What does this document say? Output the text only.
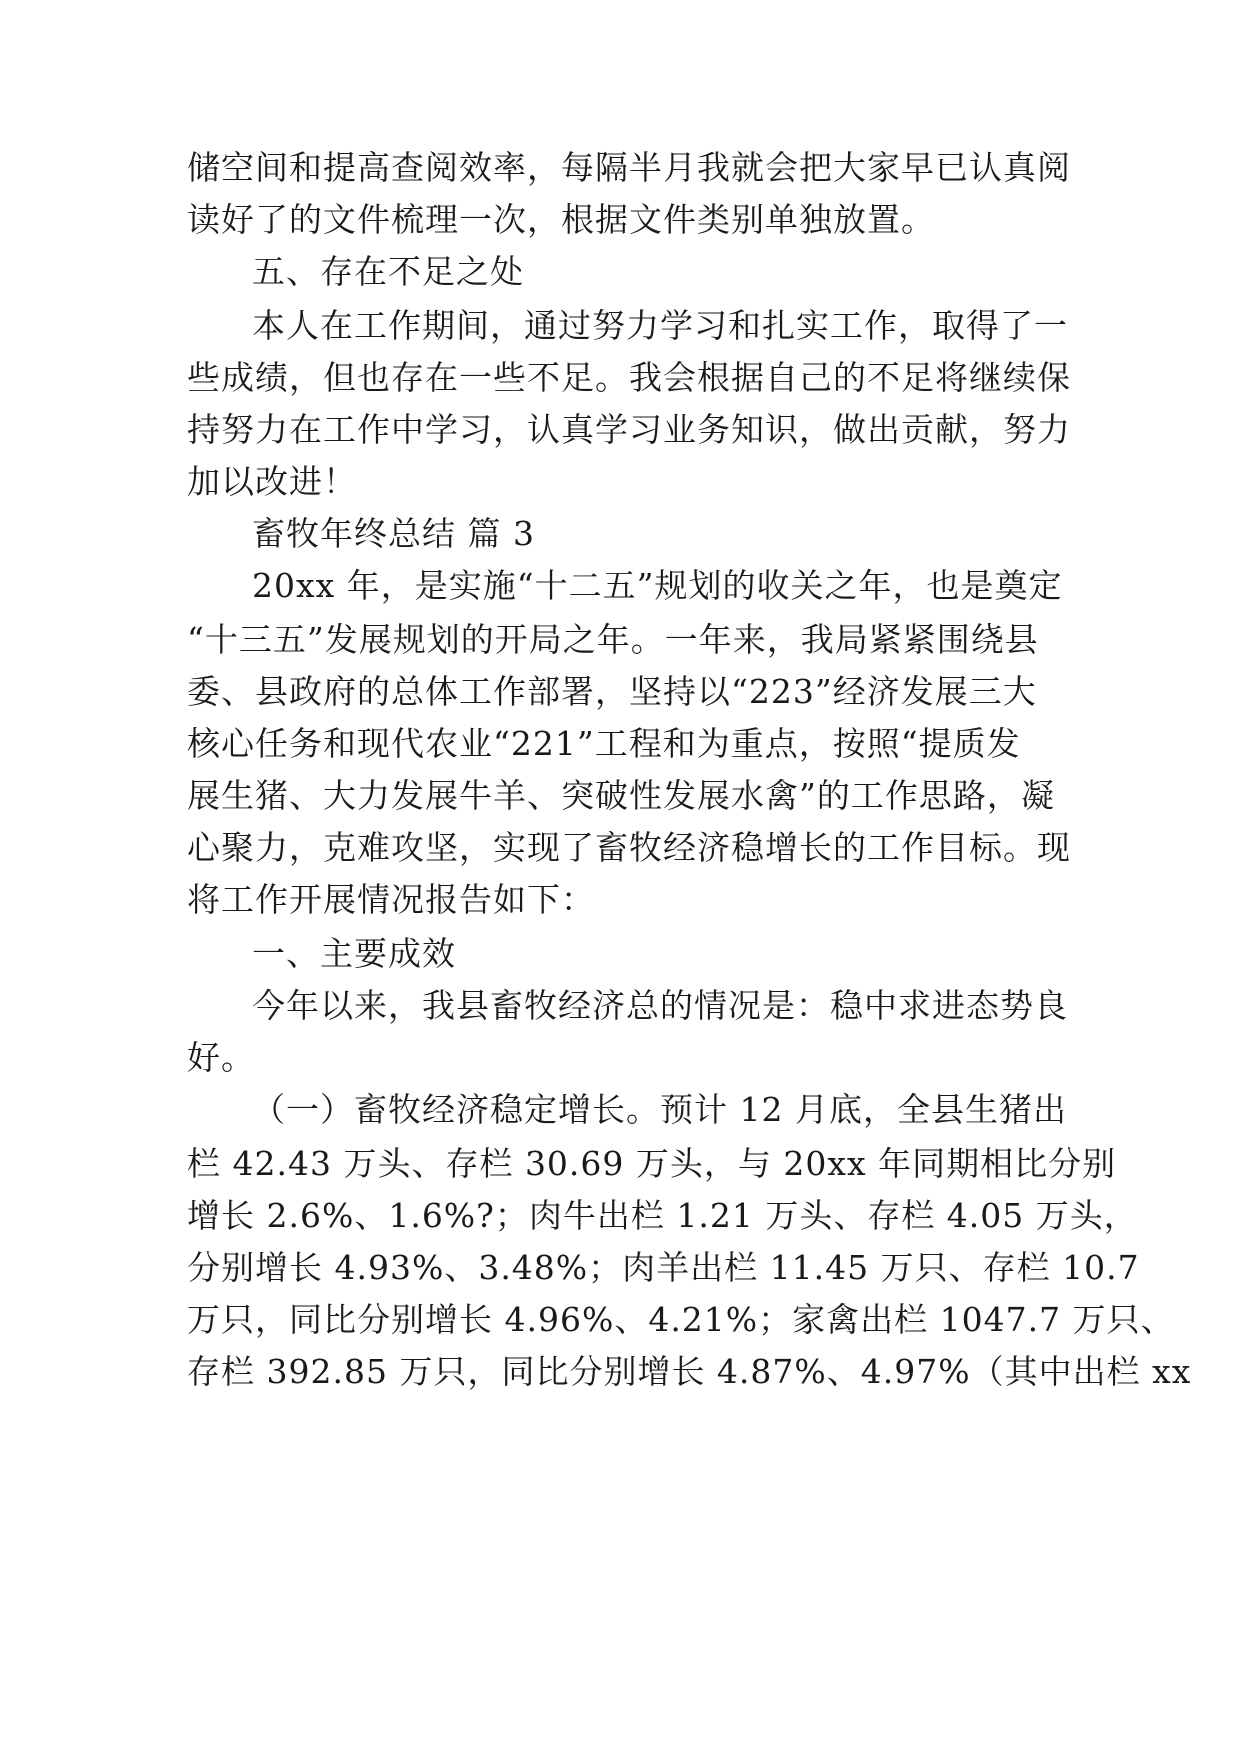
储空间和提高查阅效率，每隔半月我就会把大家早已认真阅
读好了的文件梳理一次，根据文件类别单独放置。
五、存在不足之处
本人在工作期间，通过努力学习和扎实工作，取得了一
些成绩，但也存在一些不足。我会根据自己的不足将继续保
持努力在工作中学习，认真学习业务知识，做出贡献，努力
加以改进！
畜牧年终总结 篇 3
20xx 年，是实施“十二五”规划的收关之年，也是奠定
“十三五”发展规划的开局之年。一年来，我局紧紧围绕县
委、县政府的总体工作部署，坚持以“223”经济发展三大
核心任务和现代农业“221”工程和为重点，按照“提质发
展生猪、大力发展牛羊、突破性发展水禽”的工作思路，凝
心聚力，克难攻坚，实现了畜牧经济稳增长的工作目标。现
将工作开展情况报告如下：
一、主要成效
今年以来，我县畜牧经济总的情况是：稳中求进态势良
好。
（一）畜牧经济稳定增长。预计 12 月底，全县生猪出
栏 42.43 万头、存栏 30.69 万头，与 20xx 年同期相比分别
增长 2.6%、1.6%?；肉牛出栏 1.21 万头、存栏 4.05 万头，
分别增长 4.93%、3.48%；肉羊出栏 11.45 万只、存栏 10.7
万只，同比分别增长 4.96%、4.21%；家禽出栏 1047.7 万只、
存栏 392.85 万只，同比分别增长 4.87%、4.97%（其中出栏 xx
